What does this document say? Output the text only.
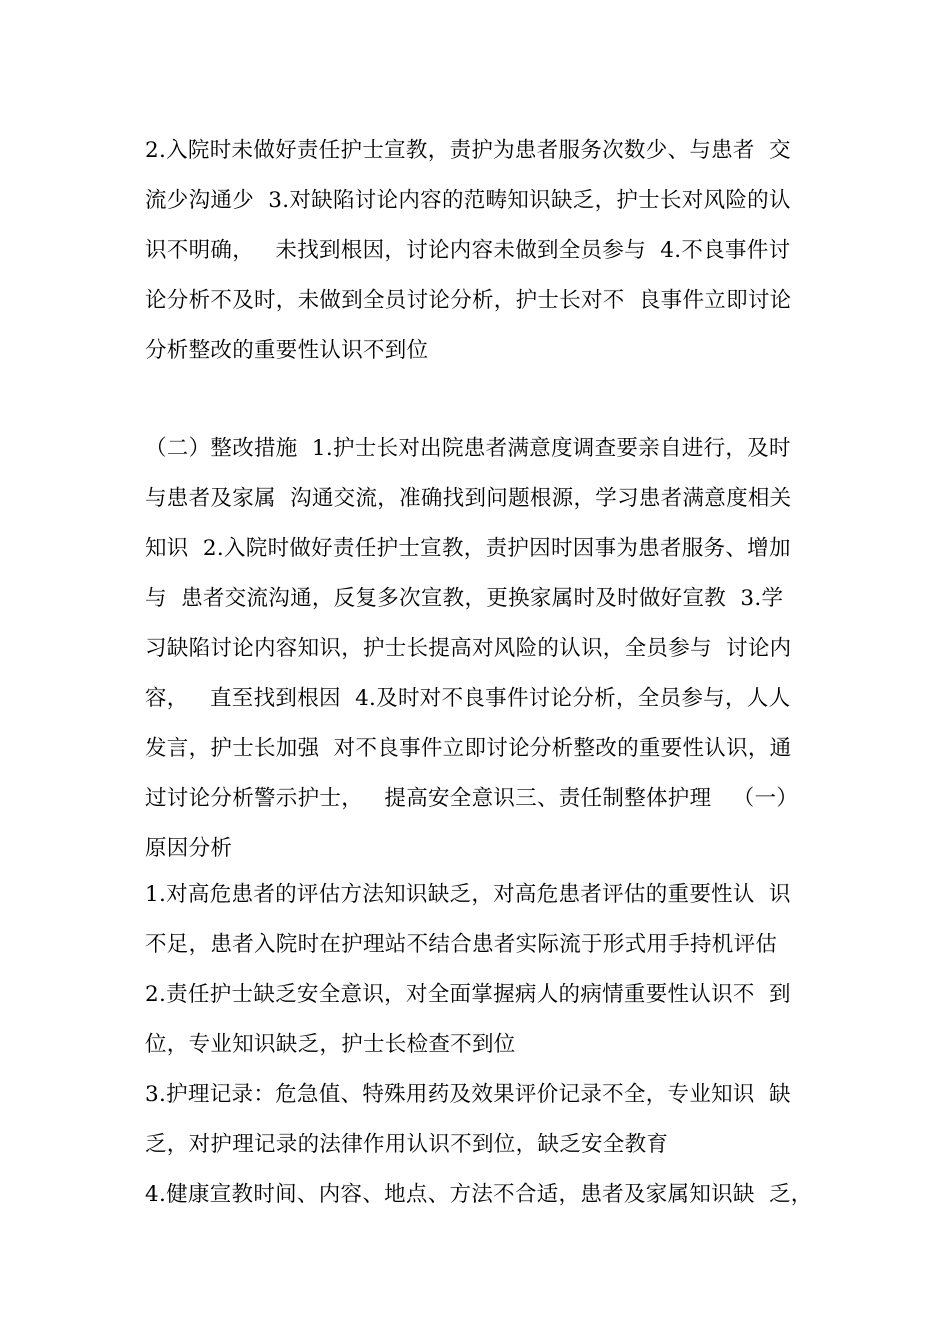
2.入院时未做好责任护士宣教，责护为患者服务次数少、与患者  交
流少沟通少  3.对缺陷讨论内容的范畴知识缺乏，护士长对风险的认
识不明确，   未找到根因，讨论内容未做到全员参与  4.不良事件讨
论分析不及时，未做到全员讨论分析，护士长对不  良事件立即讨论
分析整改的重要性认识不到位
（二）整改措施  1.护士长对出院患者满意度调查要亲自进行，及时
与患者及家属  沟通交流，准确找到问题根源，学习患者满意度相关
知识  2.入院时做好责任护士宣教，责护因时因事为患者服务、增加
与  患者交流沟通，反复多次宣教，更换家属时及时做好宣教  3.学
习缺陷讨论内容知识，护士长提高对风险的认识，全员参与  讨论内
容，   直至找到根因  4.及时对不良事件讨论分析，全员参与，人人
发言，护士长加强  对不良事件立即讨论分析整改的重要性认识，通
过讨论分析警示护士，   提高安全意识三、责任制整体护理   （一）
原因分析
1.对高危患者的评估方法知识缺乏，对高危患者评估的重要性认  识
不足，患者入院时在护理站不结合患者实际流于形式用手持机评估
2.责任护士缺乏安全意识，对全面掌握病人的病情重要性认识不  到
位，专业知识缺乏，护士长检查不到位
3.护理记录：危急值、特殊用药及效果评价记录不全，专业知识  缺
乏，对护理记录的法律作用认识不到位，缺乏安全教育
4.健康宣教时间、内容、地点、方法不合适，患者及家属知识缺  乏，
